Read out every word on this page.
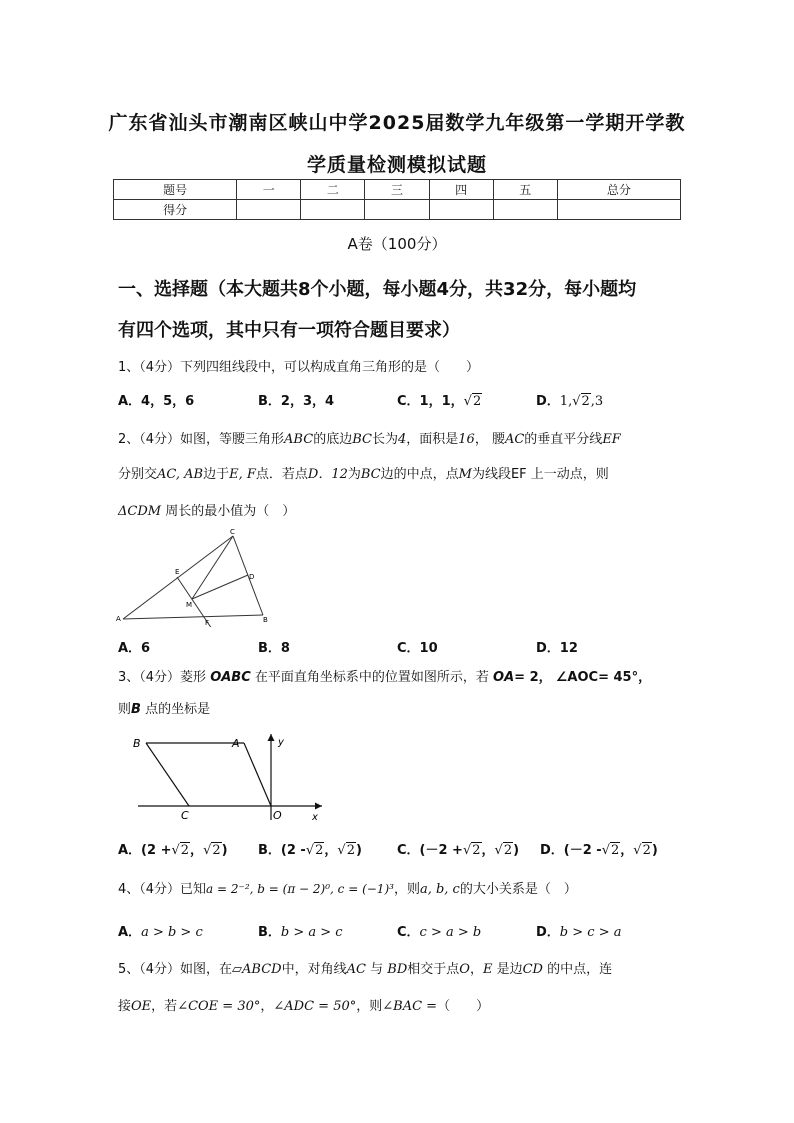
广东省汕头市潮南区峡山中学2025届数学九年级第一学期开学教
学质量检测模拟试题
题号	一	二	三	四	五	总分
得分						
A卷（100分）
一、选择题（本大题共8个小题，每小题4分，共32分，每小题均
有四个选项，其中只有一项符合题目要求）
1、（4分）下列四组线段中，可以构成直角三角形的是（　　）
A．4，5，6	B．2，3，4	C．1，1，√2	D．1,√2,3
2、（4分）如图，等腰三角形ABC的底边BC长为4，面积是16， 腰AC的垂直平分线EF
分别交AC, AB边于E, F点．若点D．12为BC边的中点，点M为线段EF 上一动点，则
ΔCDM 周长的最小值为（　）
A	B
C
D
E
F
M
A．6	B．8	C．10	D．12
3、（4分）菱形 OABC 在平面直角坐标系中的位置如图所示，若 OA= 2， ∠AOC= 45°，
则B 点的坐标是
B	A
C	O	x
y
A．(2 +√2，√2) B．(2 -√2，√2)	C．(－2 +√2，√2) D．(－2 -√2，√2)
4、（4分）已知a = 2⁻², b = (π − 2)⁰, c = (−1)³，则a, b, c的大小关系是（　）
A．a > b > c	B．b > a > c	C．c > a > b	D．b > c > a
5、（4分）如图，在▱ABCD中，对角线AC 与 BD相交于点O，E 是边CD 的中点，连
接OE，若∠COE = 30°，∠ADC = 50°，则∠BAC =（　　）
